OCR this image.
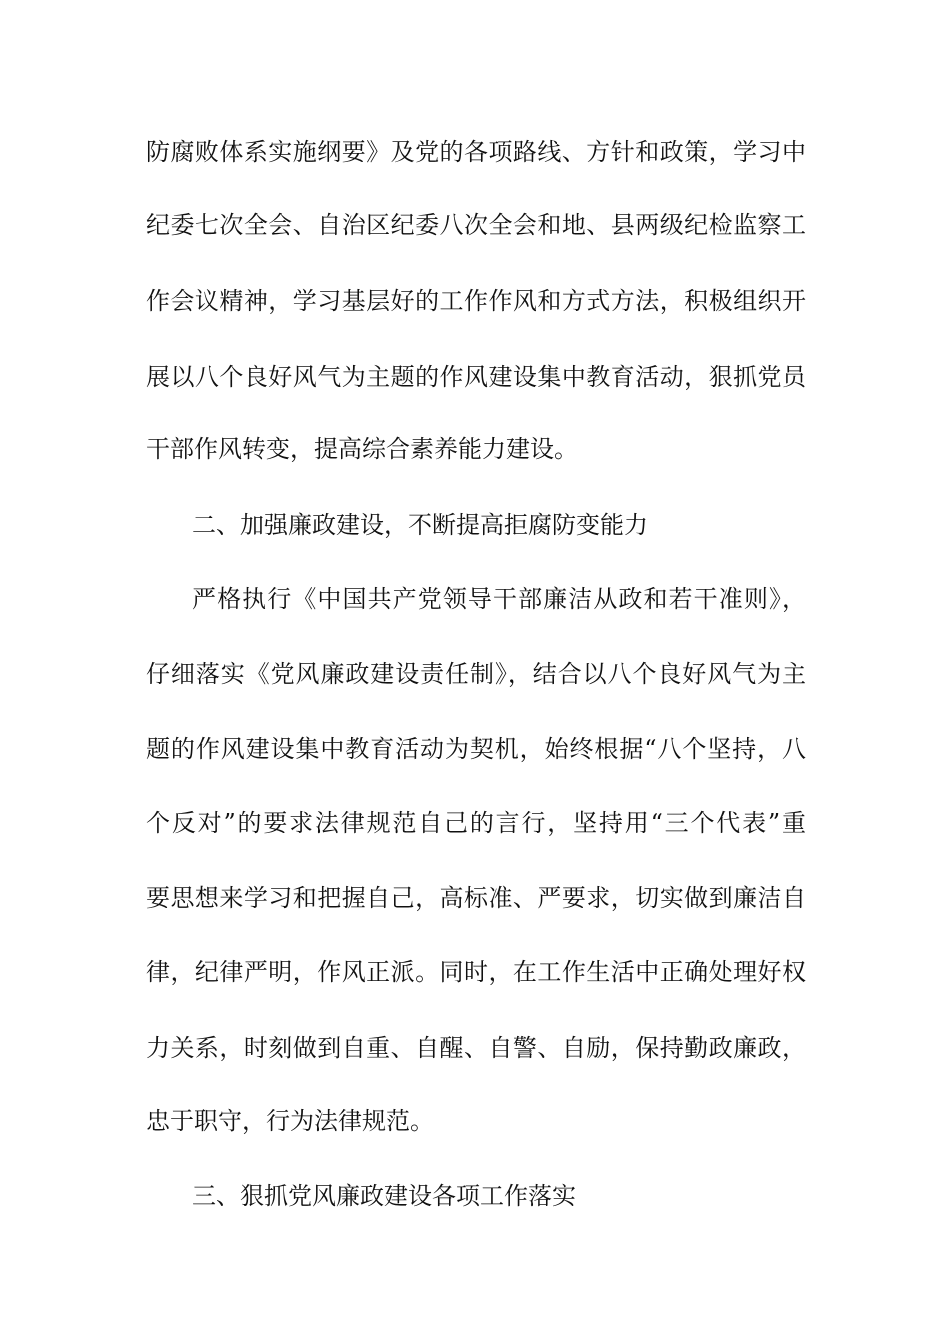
防腐败体系实施纲要》及党的各项路线、方针和政策，学习中
纪委七次全会、自治区纪委八次全会和地、县两级纪检监察工
作会议精神，学习基层好的工作作风和方式方法，积极组织开
展以八个良好风气为主题的作风建设集中教育活动，狠抓党员
干部作风转变，提高综合素养能力建设。
二、加强廉政建设，不断提高拒腐防变能力
严格执行《中国共产党领导干部廉洁从政和若干准则》，
仔细落实《党风廉政建设责任制》，结合以八个良好风气为主
题的作风建设集中教育活动为契机，始终根据“八个坚持，八
个反对”的要求法律规范自己的言行，坚持用“三个代表”重
要思想来学习和把握自己，高标准、严要求，切实做到廉洁自
律，纪律严明，作风正派。同时，在工作生活中正确处理好权
力关系，时刻做到自重、自醒、自警、自励，保持勤政廉政，
忠于职守，行为法律规范。
三、狠抓党风廉政建设各项工作落实
